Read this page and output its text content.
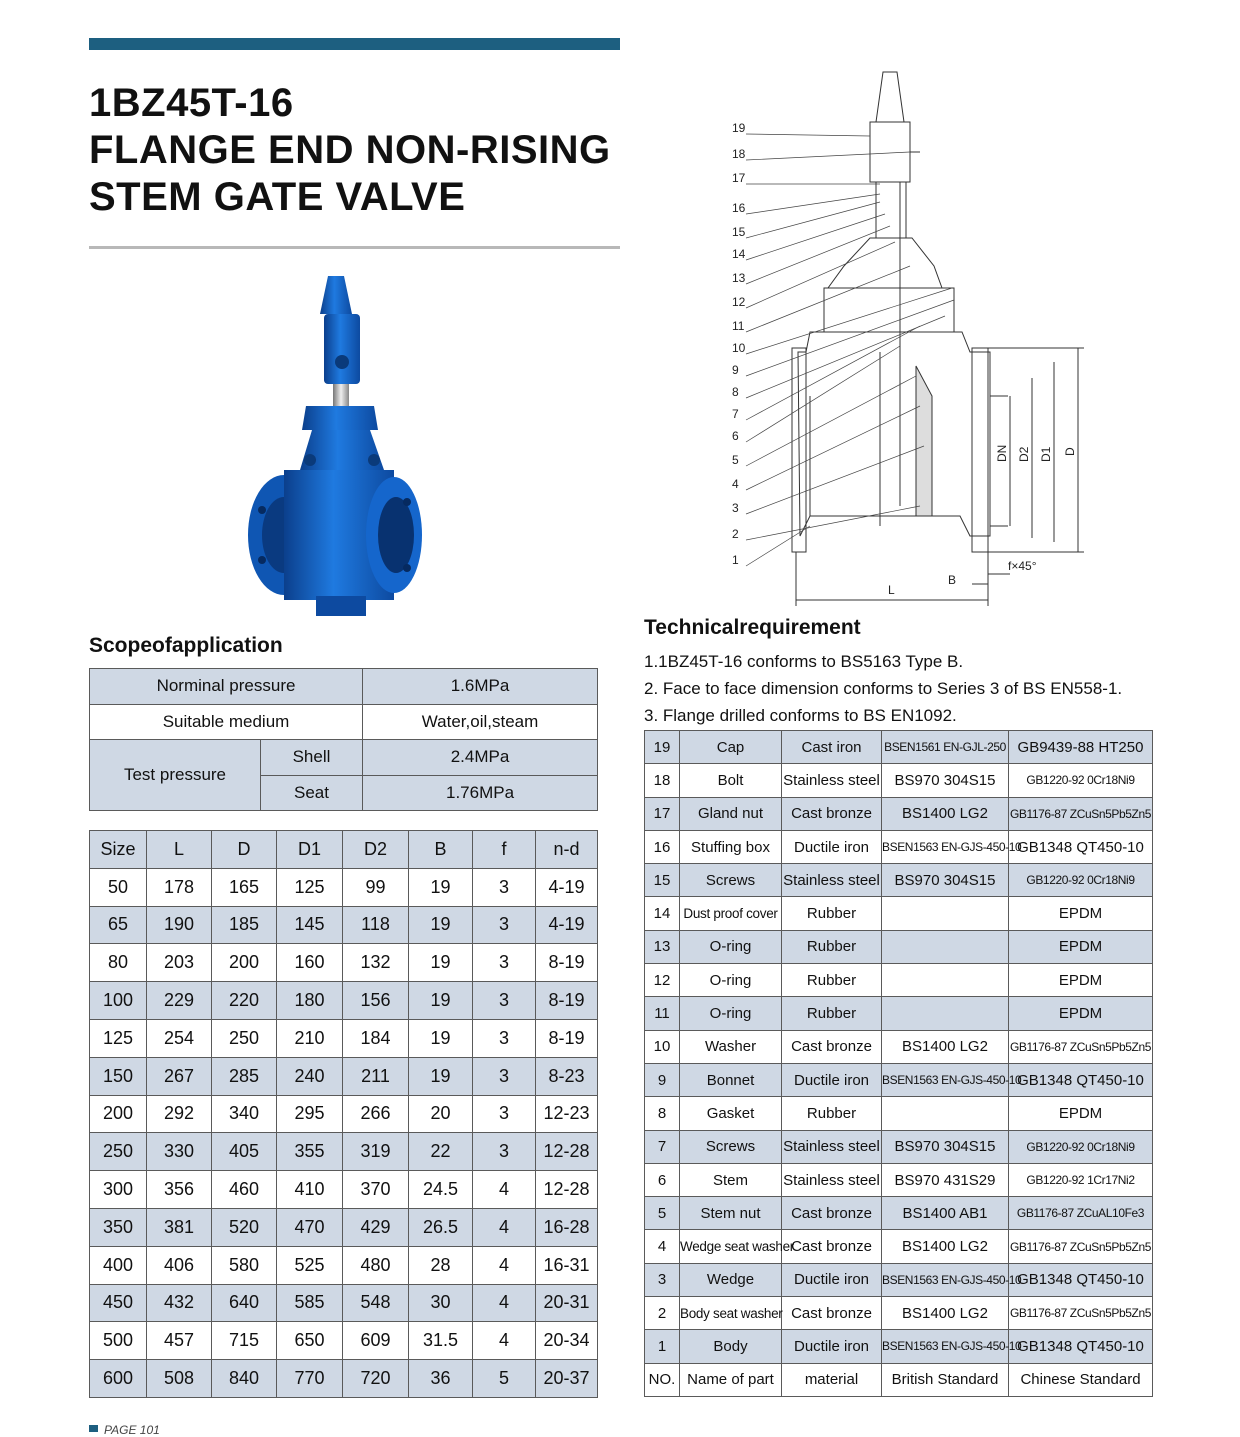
1BZ45T-16
FLANGE END NON-RISING
STEM GATE VALVE
19
18
17
16
15
14
13
12
11
10
9
8
7
6
5
4
3
2
1
DN D2 D1 D
L
B
f×45°
Scopeofapplication
Norminal pressure		1.6MPa
Suitable medium		Water,oil,steam
Test pressure	Shell	2.4MPa
	Seat	1.76MPa
Size	L	D	D1	D2	B	f	n-d
50	178	165	125	99	19	3	4-19
65	190	185	145	118	19	3	4-19
80	203	200	160	132	19	3	8-19
100	229	220	180	156	19	3	8-19
125	254	250	210	184	19	3	8-19
150	267	285	240	211	19	3	8-23
200	292	340	295	266	20	3	12-23
250	330	405	355	319	22	3	12-28
300	356	460	410	370	24.5	4	12-28
350	381	520	470	429	26.5	4	16-28
400	406	580	525	480	28	4	16-31
450	432	640	585	548	30	4	20-31
500	457	715	650	609	31.5	4	20-34
600	508	840	770	720	36	5	20-37
Technicalrequirement
1.1BZ45T-16 conforms to BS5163 Type B.
2. Face to face dimension conforms to Series 3 of BS EN558-1.
3. Flange drilled conforms to BS EN1092.
19	Cap	Cast iron	BSEN1561 EN-GJL-250	GB9439-88 HT250
18	Bolt	Stainless steel	BS970 304S15	GB1220-92 0Cr18Ni9
17	Gland nut	Cast bronze	BS1400 LG2	GB1176-87 ZCuSn5Pb5Zn5
16	Stuffing box	Ductile iron	BSEN1563 EN-GJS-450-10	GB1348 QT450-10
15	Screws	Stainless steel	BS970 304S15	GB1220-92 0Cr18Ni9
14	Dust proof cover	Rubber		EPDM
13	O-ring	Rubber		EPDM
12	O-ring	Rubber		EPDM
11	O-ring	Rubber		EPDM
10	Washer	Cast bronze	BS1400 LG2	GB1176-87 ZCuSn5Pb5Zn5
9	Bonnet	Ductile iron	BSEN1563 EN-GJS-450-10	GB1348 QT450-10
8	Gasket	Rubber		EPDM
7	Screws	Stainless steel	BS970 304S15	GB1220-92 0Cr18Ni9
6	Stem	Stainless steel	BS970 431S29	GB1220-92 1Cr17Ni2
5	Stem nut	Cast bronze	BS1400 AB1	GB1176-87 ZCuAL10Fe3
4	Wedge seat washer	Cast bronze	BS1400 LG2	GB1176-87 ZCuSn5Pb5Zn5
3	Wedge	Ductile iron	BSEN1563 EN-GJS-450-10	GB1348 QT450-10
2	Body seat washer	Cast bronze	BS1400 LG2	GB1176-87 ZCuSn5Pb5Zn5
1	Body	Ductile iron	BSEN1563 EN-GJS-450-10	GB1348 QT450-10
NO.	Name of part	material	British Standard	Chinese Standard
PAGE 101
